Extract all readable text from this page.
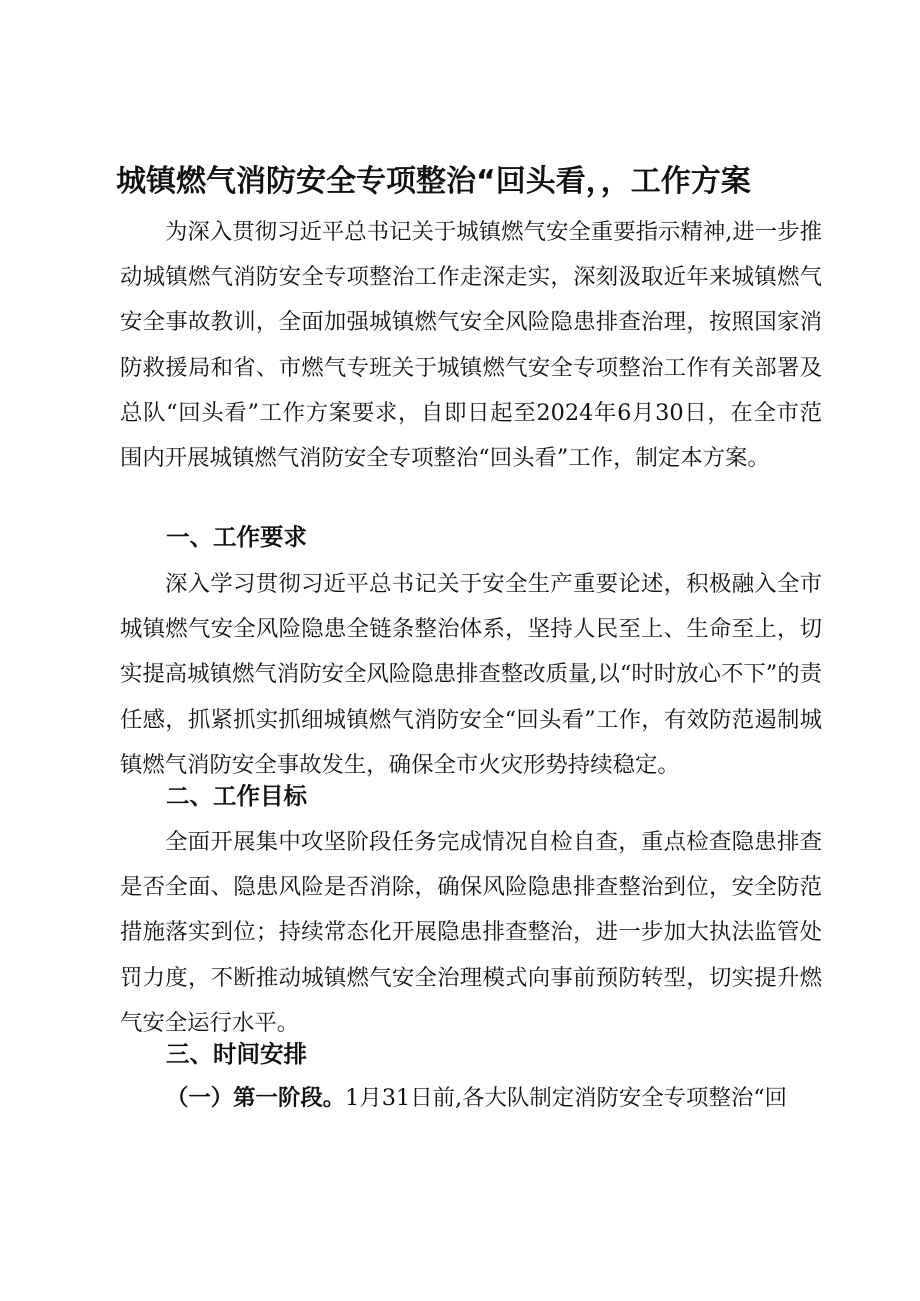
城镇燃气消防安全专项整治“回头看，，工作方案

为深入贯彻习近平总书记关于城镇燃气安全重要指示精神,进一步推动城镇燃气消防安全专项整治工作走深走实，深刻汲取近年来城镇燃气安全事故教训，全面加强城镇燃气安全风险隐患排查治理，按照国家消防救援局和省、市燃气专班关于城镇燃气安全专项整治工作有关部署及总队“回头看”工作方案要求，自即日起至2024年6月30日，在全市范围内开展城镇燃气消防安全专项整治“回头看”工作，制定本方案。

一、工作要求

深入学习贯彻习近平总书记关于安全生产重要论述，积极融入全市城镇燃气安全风险隐患全链条整治体系，坚持人民至上、生命至上，切实提高城镇燃气消防安全风险隐患排查整改质量,以“时时放心不下”的责任感，抓紧抓实抓细城镇燃气消防安全“回头看”工作，有效防范遏制城镇燃气消防安全事故发生，确保全市火灾形势持续稳定。

二、工作目标

全面开展集中攻坚阶段任务完成情况自检自查，重点检查隐患排查是否全面、隐患风险是否消除，确保风险隐患排查整治到位，安全防范措施落实到位；持续常态化开展隐患排查整治，进一步加大执法监管处罚力度，不断推动城镇燃气安全治理模式向事前预防转型，切实提升燃气安全运行水平。

三、时间安排

（一）第一阶段。1月31日前,各大队制定消防安全专项整治“回
